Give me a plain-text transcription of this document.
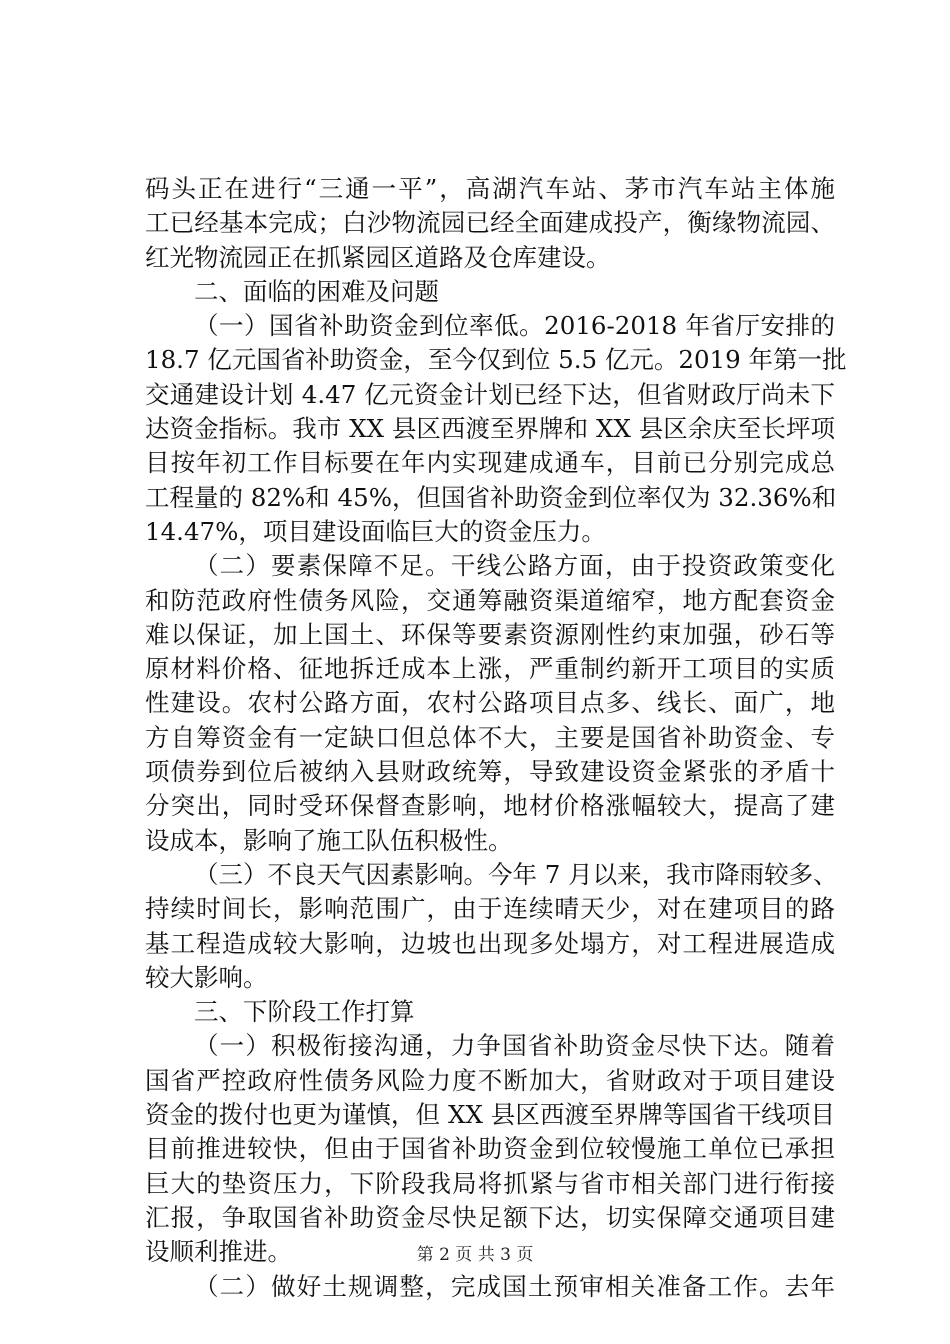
码头正在进行“三通一平”，高湖汽车站、茅市汽车站主体施
工已经基本完成；白沙物流园已经全面建成投产，衡缘物流园、
红光物流园正在抓紧园区道路及仓库建设。
二、面临的困难及问题
（一）国省补助资金到位率低。2016-2018 年省厅安排的
18.7 亿元国省补助资金，至今仅到位 5.5 亿元。2019 年第一批
交通建设计划 4.47 亿元资金计划已经下达，但省财政厅尚未下
达资金指标。我市 XX 县区西渡至界牌和 XX 县区余庆至长坪项
目按年初工作目标要在年内实现建成通车，目前已分别完成总
工程量的 82%和 45%，但国省补助资金到位率仅为 32.36%和
14.47%，项目建设面临巨大的资金压力。
（二）要素保障不足。干线公路方面，由于投资政策变化
和防范政府性债务风险，交通筹融资渠道缩窄，地方配套资金
难以保证，加上国土、环保等要素资源刚性约束加强，砂石等
原材料价格、征地拆迁成本上涨，严重制约新开工项目的实质
性建设。农村公路方面，农村公路项目点多、线长、面广，地
方自筹资金有一定缺口但总体不大，主要是国省补助资金、专
项债券到位后被纳入县财政统筹，导致建设资金紧张的矛盾十
分突出，同时受环保督查影响，地材价格涨幅较大，提高了建
设成本，影响了施工队伍积极性。
（三）不良天气因素影响。今年 7 月以来，我市降雨较多、
持续时间长，影响范围广，由于连续晴天少，对在建项目的路
基工程造成较大影响，边坡也出现多处塌方，对工程进展造成
较大影响。
三、下阶段工作打算
（一）积极衔接沟通，力争国省补助资金尽快下达。随着
国省严控政府性债务风险力度不断加大，省财政对于项目建设
资金的拨付也更为谨慎，但 XX 县区西渡至界牌等国省干线项目
目前推进较快，但由于国省补助资金到位较慢施工单位已承担
巨大的垫资压力，下阶段我局将抓紧与省市相关部门进行衔接
汇报，争取国省补助资金尽快足额下达，切实保障交通项目建
设顺利推进。
（二）做好土规调整，完成国土预审相关准备工作。去年
第 2 页 共 3 页
